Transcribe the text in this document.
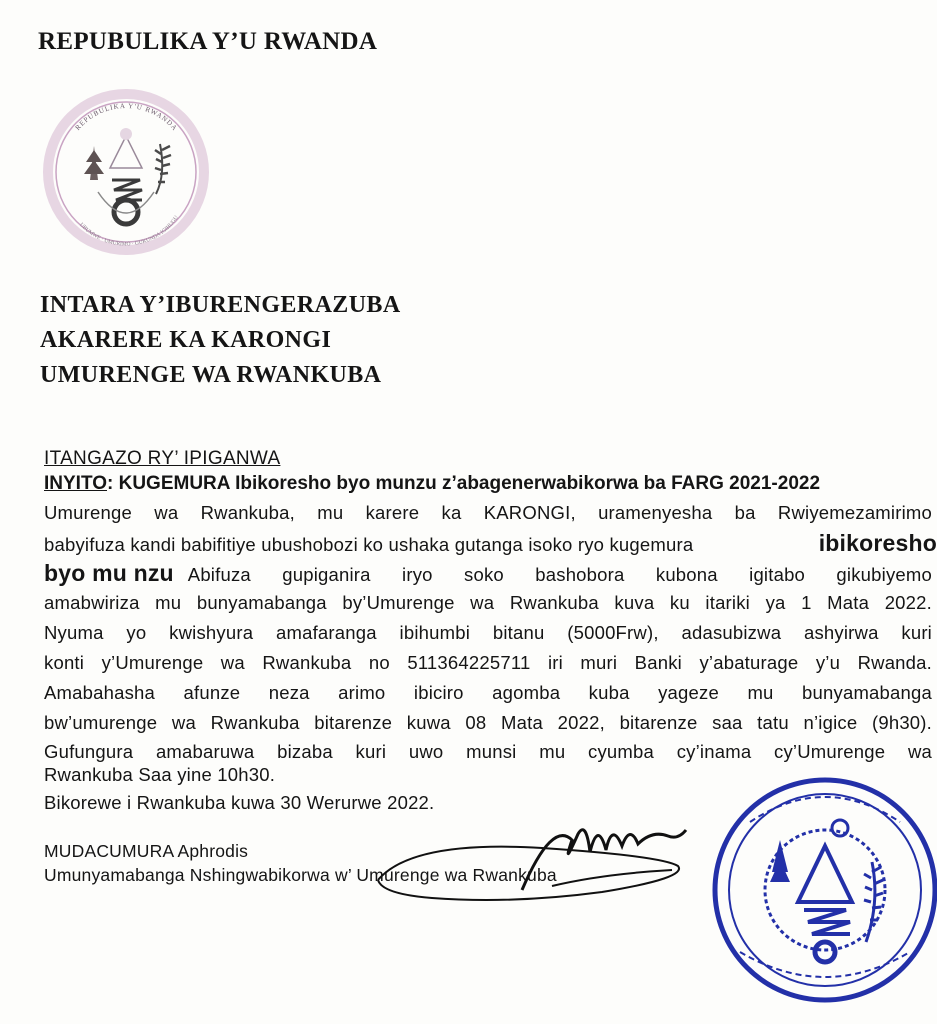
REPUBULIKA Y’U RWANDA
REPUBULIKA Y'U RWANDA
UBUMWE · UMURIMO · GUKUNDA IGIHUGU
INTARA Y’IBURENGERAZUBA
AKARERE KA KARONGI
UMURENGE WA RWANKUBA
ITANGAZO RY’ IPIGANWA
INYITO: KUGEMURA Ibikoresho byo munzu z’abagenerwabikorwa ba FARG 2021-2022
Umurenge wa Rwankuba, mu karere ka KARONGI, uramenyesha ba Rwiyemezamirimo
babyifuza kandi babifitiye ubushobozi ko ushaka gutanga isoko ryo kugemura	ibikoresho
byo mu nzu Abifuza gupiganira iryo soko bashobora kubona igitabo gikubiyemo
amabwiriza mu bunyamabanga by’Umurenge wa Rwankuba kuva ku itariki ya 1 Mata 2022.
Nyuma yo kwishyura amafaranga ibihumbi bitanu (5000Frw), adasubizwa ashyirwa kuri
konti y’Umurenge wa Rwankuba no 511364225711 iri muri Banki y’abaturage y’u Rwanda.
Amabahasha afunze neza arimo ibiciro agomba kuba yageze mu bunyamabanga
bw’umurenge wa Rwankuba bitarenze kuwa 08 Mata 2022, bitarenze saa tatu n’igice (9h30).
Gufungura amabaruwa bizaba kuri uwo munsi mu cyumba cy’inama cy’Umurenge wa
Rwankuba Saa yine 10h30.
Bikorewe i Rwankuba kuwa 30 Werurwe 2022.
MUDACUMURA Aphrodis
Umunyamabanga Nshingwabikorwa w’ Umurenge wa Rwankuba
